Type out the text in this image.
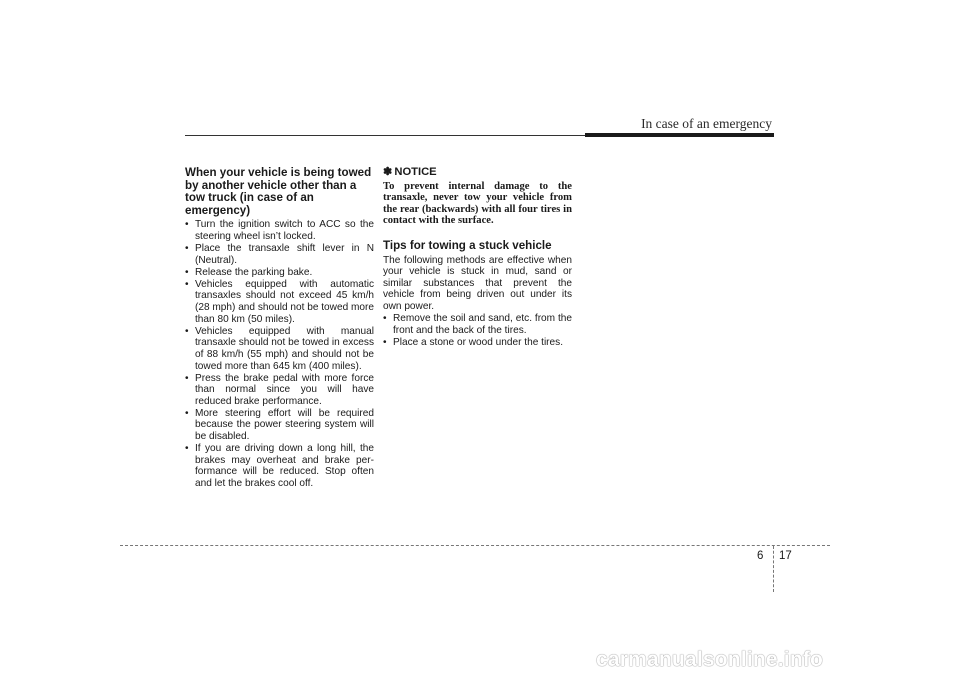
In case of an emergency
When your vehicle is being towed by another vehicle other than a tow truck (in case of an emergency)
• Turn the ignition switch to ACC so the steering wheel isn’t locked.
• Place the transaxle shift lever in N (Neutral).
• Release the parking bake.
• Vehicles equipped with automatic transaxles should not exceed 45 km/h (28 mph) and should not be towed more than 80 km (50 miles).
• Vehicles equipped with manual transaxle should not be towed in excess of 88 km/h (55 mph) and should not be towed more than 645 km (400 miles).
• Press the brake pedal with more force than normal since you will have reduced brake performance.
• More steering effort will be required because the power steering system will be disabled.
• If you are driving down a long hill, the brakes may overheat and brake per-formance will be reduced. Stop often and let the brakes cool off.
✽ NOTICE
To prevent internal damage to the transaxle, never tow your vehicle from the rear (backwards) with all four tires in contact with the surface.
Tips for towing a stuck vehicle
The following methods are effective when your vehicle is stuck in mud, sand or similar substances that prevent the vehicle from being driven out under its own power.
• Remove the soil and sand, etc. from the front and the back of the tires.
• Place a stone or wood under the tires.
6 17
carmanualsonline.info
